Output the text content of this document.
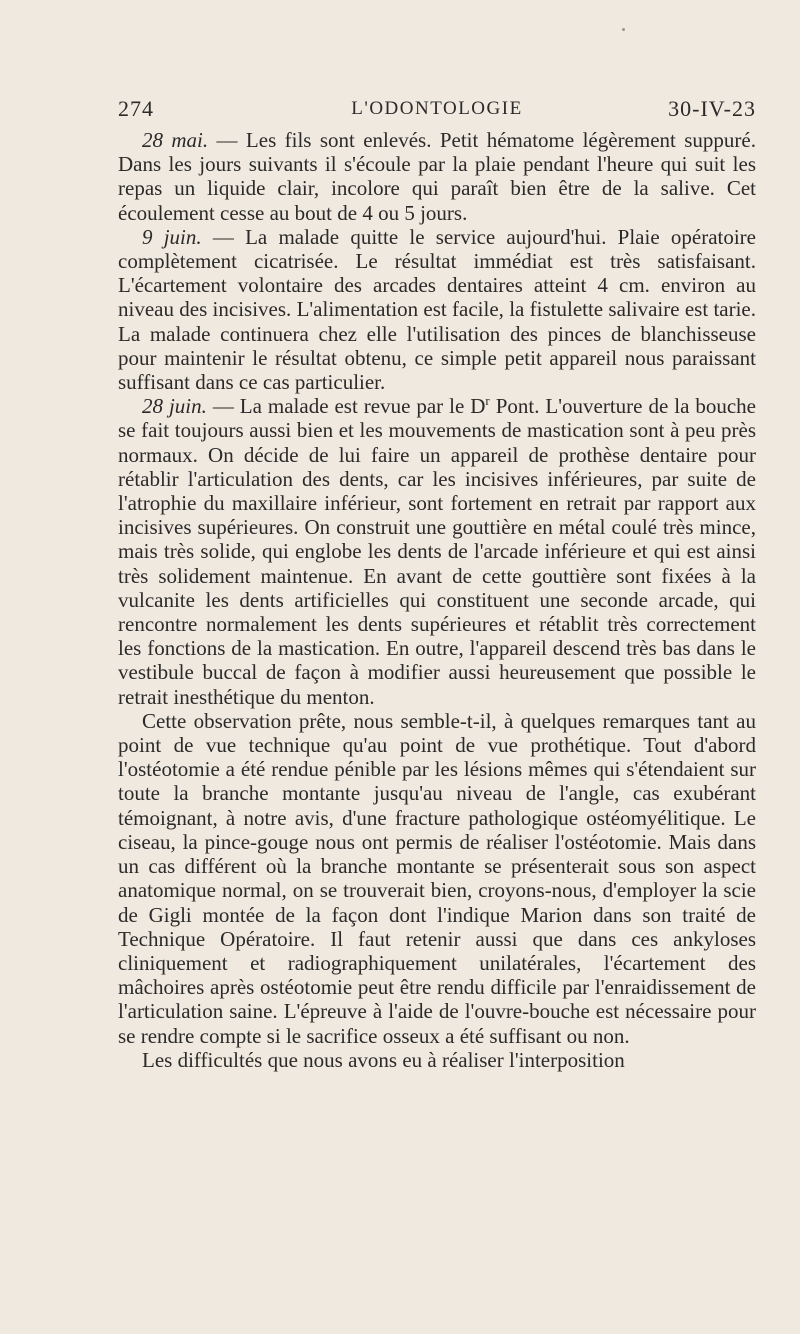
274	L'ODONTOLOGIE	30-IV-23

28 mai. — Les fils sont enlevés. Petit hématome légèrement suppuré. Dans les jours suivants il s'écoule par la plaie pendant l'heure qui suit les repas un liquide clair, incolore qui paraît bien être de la salive. Cet écoulement cesse au bout de 4 ou 5 jours.

9 juin. — La malade quitte le service aujourd'hui. Plaie opératoire complètement cicatrisée. Le résultat immédiat est très satisfaisant. L'écartement volontaire des arcades dentaires atteint 4 cm. environ au niveau des incisives. L'alimentation est facile, la fistulette salivaire est tarie. La malade continuera chez elle l'utilisation des pinces de blanchisseuse pour maintenir le résultat obtenu, ce simple petit appareil nous paraissant suffisant dans ce cas particulier.

28 juin. — La malade est revue par le $D^r$ Pont. L'ouverture de la bouche se fait toujours aussi bien et les mouvements de mastication sont à peu près normaux. On décide de lui faire un appareil de prothèse dentaire pour rétablir l'articulation des dents, car les incisives inférieures, par suite de l'atrophie du maxillaire inférieur, sont fortement en retrait par rapport aux incisives supérieures. On construit une gouttière en métal coulé très mince, mais très solide, qui englobe les dents de l'arcade inférieure et qui est ainsi très solidement maintenue. En avant de cette gouttière sont fixées à la vulcanite les dents artificielles qui constituent une seconde arcade, qui rencontre normalement les dents supérieures et rétablit très correctement les fonctions de la mastication. En outre, l'appareil descend très bas dans le vestibule buccal de façon à modifier aussi heureusement que possible le retrait inesthétique du menton.

Cette observation prête, nous semble-t-il, à quelques remarques tant au point de vue technique qu'au point de vue prothétique. Tout d'abord l'ostéotomie a été rendue pénible par les lésions mêmes qui s'étendaient sur toute la branche montante jusqu'au niveau de l'angle, cas exubérant témoignant, à notre avis, d'une fracture pathologique ostéomyélitique. Le ciseau, la pince-gouge nous ont permis de réaliser l'ostéotomie. Mais dans un cas différent où la branche montante se présenterait sous son aspect anatomique normal, on se trouverait bien, croyons-nous, d'employer la scie de Gigli montée de la façon dont l'indique Marion dans son traité de Technique Opératoire. Il faut retenir aussi que dans ces ankyloses cliniquement et radiographiquement unilatérales, l'écartement des mâchoires après ostéotomie peut être rendu difficile par l'enraidissement de l'articulation saine. L'épreuve à l'aide de l'ouvre-bouche est nécessaire pour se rendre compte si le sacrifice osseux a été suffisant ou non.

Les difficultés que nous avons eu à réaliser l'interposition
